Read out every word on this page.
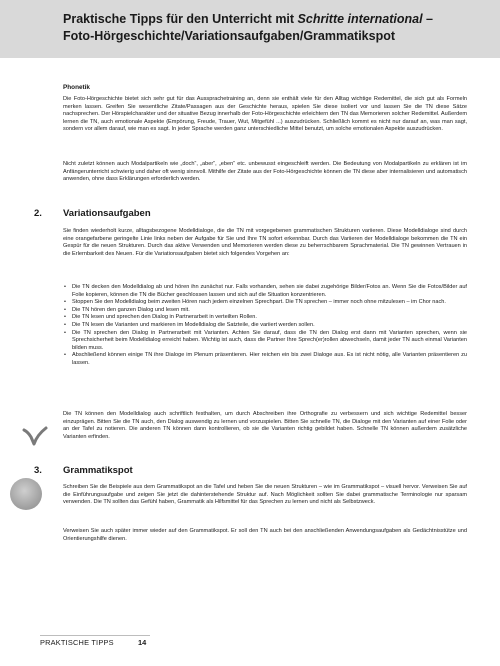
Praktische Tipps für den Unterricht mit Schritte international –
Foto-Hörgeschichte/Variationsaufgaben/Grammatikspot
Phonetik
Die Foto-Hörgeschichte bietet sich sehr gut für das Aussprachetraining an, denn sie enthält viele für den Alltag wichtige Redemittel, die sich gut als Formeln merken lassen. Greifen Sie wesentliche Zitate/Passagen aus der Geschichte heraus, spielen Sie diese isoliert vor und lassen Sie die TN diese Sätze nachsprechen. Der Hörspielcharakter und der situative Bezug innerhalb der Foto-Hörgeschichte erleichtern den TN das Memorieren solcher Redemittel. Außerdem lernen die TN, auch emotionale Aspekte (Empörung, Freude, Trauer, Wut, Mitgefühl ...) auszudrücken. Schließlich kommt es nicht nur darauf an, was man sagt, sondern vor allem darauf, wie man es sagt. In jeder Sprache werden ganz unterschiedliche Mittel benutzt, um solche emotionalen Aspekte auszudrücken.
Nicht zuletzt können auch Modalpartikeln wie „doch“, „aber“, „eben“ etc. unbewusst eingeschleift werden. Die Bedeutung von Modalpartikeln zu erklären ist im Anfängerunterricht schwierig und daher oft wenig sinnvoll. Mithilfe der Zitate aus der Foto-Hörgeschichte können die TN diese aber internalisieren und automatisch anwenden, ohne dass Erklärungen erforderlich werden.
2. Variationsaufgaben
Sie finden wiederholt kurze, alltagsbezogene Modelldialoge, die die TN mit vorgegebenen grammatischen Strukturen variieren. Diese Modelldialoge sind durch eine orangefarbene geringelte Linie links neben der Aufgabe für Sie und Ihre TN sofort erkennbar. Durch das Variieren der Modelldialoge bekommen die TN ein Gespür für die neuen Strukturen. Durch das aktive Verwenden und Memorieren werden diese zu beherrschbarem Sprachmaterial. Die TN gewinnen Vertrauen in die Erlernbarkeit des Neuen. Für die Variationsaufgaben bietet sich folgendes Vorgehen an:
• Die TN decken den Modelldialog ab und hören ihn zunächst nur. Falls vorhanden, sehen sie dabei zugehörige Bilder/Fotos an. Wenn Sie die Fotos/Bilder auf Folie kopieren, können die TN die Bücher geschlossen lassen und sich auf die Situation konzentrieren.
• Stoppen Sie den Modelldialog beim zweiten Hören nach jedem einzelnen Sprechpart. Die TN sprechen – immer noch ohne mitzulesen – im Chor nach.
• Die TN hören den ganzen Dialog und lesen mit.
• Die TN lesen und sprechen den Dialog in Partnerarbeit in verteilten Rollen.
• Die TN lesen die Varianten und markieren im Modelldialog die Satzteile, die variiert werden sollen.
• Die TN sprechen den Dialog in Partnerarbeit mit Varianten. Achten Sie darauf, dass die TN den Dialog erst dann mit Varianten sprechen, wenn sie Sprechsicherheit beim Modelldialog erreicht haben. Wichtig ist auch, dass die Partner Ihre Sprech(er)rollen abwechseln, damit jeder TN auch einmal Varianten bilden muss.
• Abschließend können einige TN ihre Dialoge im Plenum präsentieren. Hier reichen ein bis zwei Dialoge aus. Es ist nicht nötig, alle Varianten präsentieren zu lassen.
Die TN können den Modelldialog auch schriftlich festhalten, um durch Abschreiben ihre Orthografie zu verbessern und sich wichtige Redemittel besser einzuprägen. Bitten Sie die TN auch, den Dialog auswendig zu lernen und vorzuspielen. Bitten Sie schnelle TN, die Dialoge mit den Varianten auf einer Folie oder an der Tafel zu notieren. Die anderen TN können dann kontrollieren, ob sie die Varianten richtig gebildet haben. Schnelle TN können außerdem zusätzliche Varianten erfinden.
3. Grammatikspot
Schreiben Sie die Beispiele aus dem Grammatikspot an die Tafel und heben Sie die neuen Strukturen – wie im Grammatikspot – visuell hervor. Verweisen Sie auf die Einführungsaufgabe und zeigen Sie jetzt die dahinterstehende Struktur auf. Nach Möglichkeit sollten Sie dabei grammatische Terminologie nur sparsam verwenden. Die TN sollten das Gefühl haben, Grammatik als Hilfsmittel für das Sprechen zu lernen und nicht als Selbstzweck.
Verweisen Sie auch später immer wieder auf den Grammatikspot. Er soll den TN auch bei den anschließenden Anwendungsaufgaben als Gedächtnisstütze und Orientierungshilfe dienen.
PRAKTISCHE TIPPS	14
